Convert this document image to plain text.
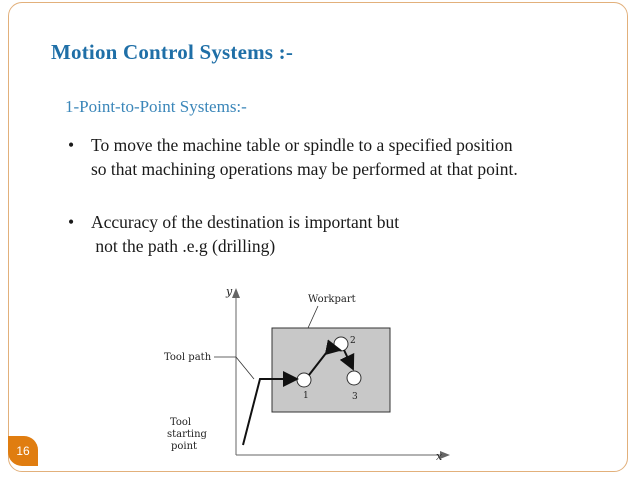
Motion Control Systems :-
1-Point-to-Point Systems:-
• To move the machine table or spindle to a specified position
so that machining operations may be performed at that point.
• Accuracy of the destination is important but
not the path .e.g (drilling)
y
x
Workpart
1
2
3
Tool path
Tool
starting
point
16
